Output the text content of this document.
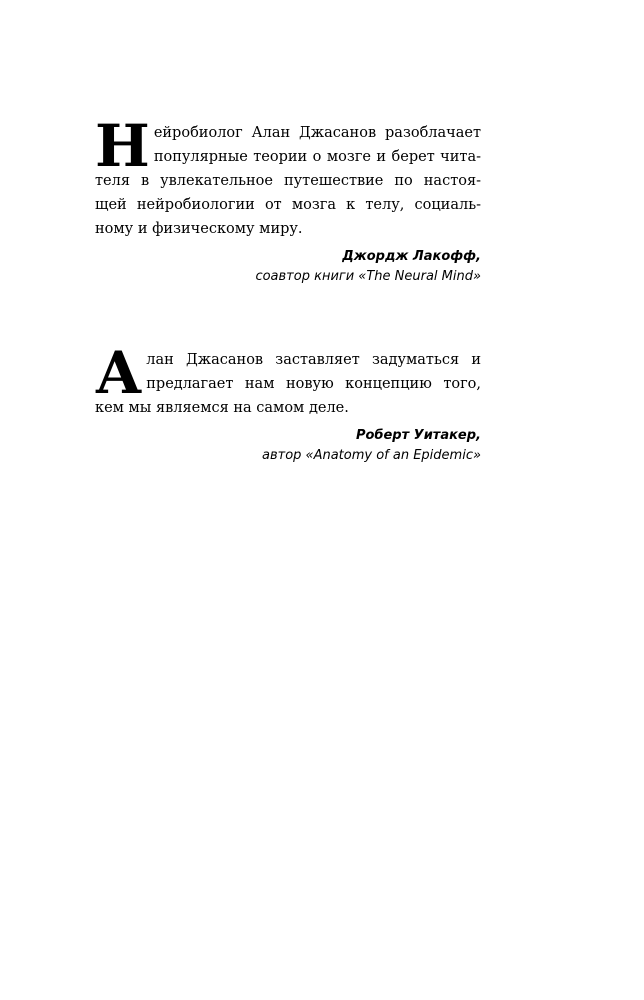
Н ейробиолог Алан Джасанов разоблачает
популярные теории о мозге и берет чита-
теля в увлекательное путешествие по настоя-
щей нейробиологии от мозга к телу, социаль-
ному и физическому миру.

Джордж Лакофф,
соавтор книги «The Neural Mind»

А лан Джасанов заставляет задуматься и
предлагает нам новую концепцию того,
кем мы являемся на самом деле.

Роберт Уитакер,
автор «Anatomy of an Epidemic»
